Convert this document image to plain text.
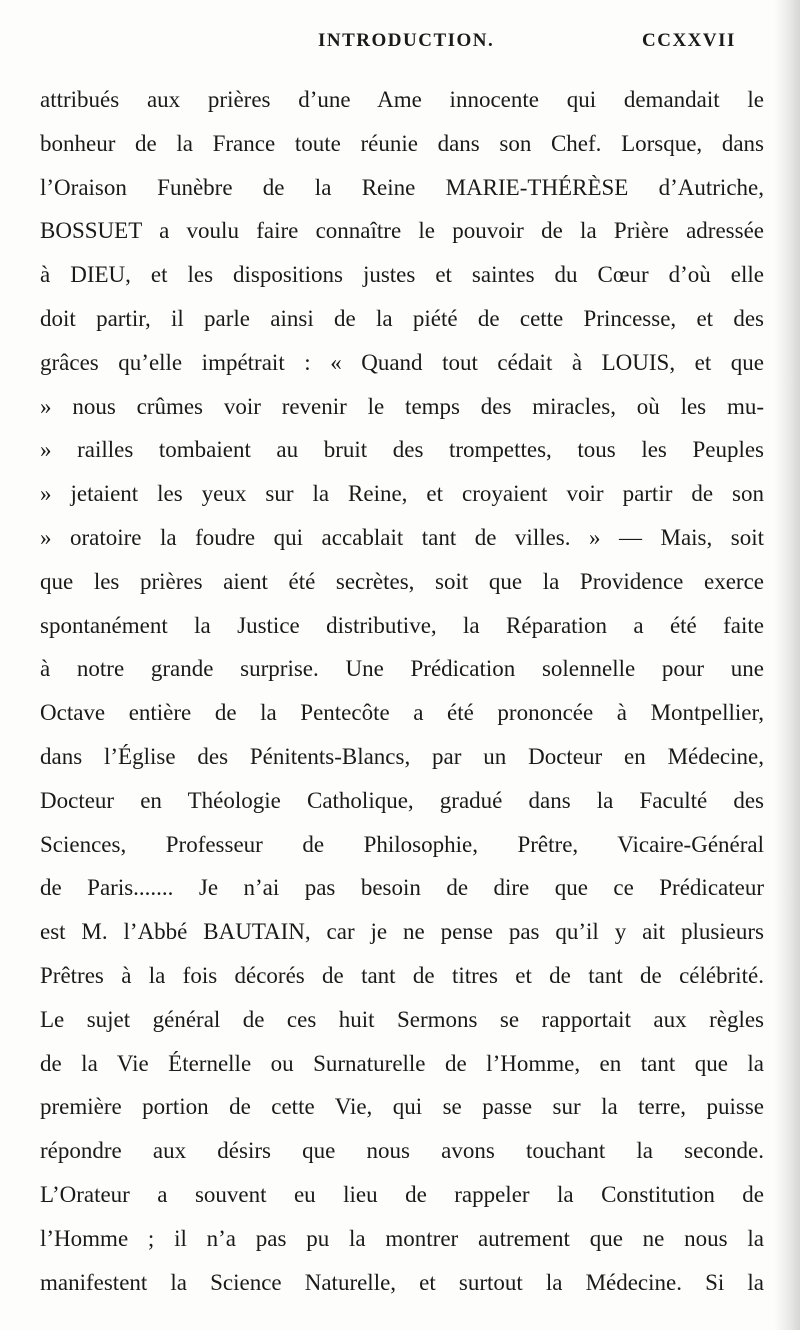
INTRODUCTION.	CCXXVII
attribués aux prières d’une Ame innocente qui demandait le
bonheur de la France toute réunie dans son Chef. Lorsque, dans
l’Oraison Funèbre de la Reine MARIE-THÉRÈSE d’Autriche,
BOSSUET a voulu faire connaître le pouvoir de la Prière adressée
à DIEU, et les dispositions justes et saintes du Cœur d’où elle
doit partir, il parle ainsi de la piété de cette Princesse, et des
grâces qu’elle impétrait : « Quand tout cédait à LOUIS, et que
» nous crûmes voir revenir le temps des miracles, où les mu-
» railles tombaient au bruit des trompettes, tous les Peuples
» jetaient les yeux sur la Reine, et croyaient voir partir de son
» oratoire la foudre qui accablait tant de villes. » — Mais, soit
que les prières aient été secrètes, soit que la Providence exerce
spontanément la Justice distributive, la Réparation a été faite
à notre grande surprise. Une Prédication solennelle pour une
Octave entière de la Pentecôte a été prononcée à Montpellier,
dans l’Église des Pénitents-Blancs, par un Docteur en Médecine,
Docteur en Théologie Catholique, gradué dans la Faculté des
Sciences, Professeur de Philosophie, Prêtre, Vicaire-Général
de Paris....... Je n’ai pas besoin de dire que ce Prédicateur
est M. l’Abbé BAUTAIN, car je ne pense pas qu’il y ait plusieurs
Prêtres à la fois décorés de tant de titres et de tant de célébrité.
Le sujet général de ces huit Sermons se rapportait aux règles
de la Vie Éternelle ou Surnaturelle de l’Homme, en tant que la
première portion de cette Vie, qui se passe sur la terre, puisse
répondre aux désirs que nous avons touchant la seconde.
L’Orateur a souvent eu lieu de rappeler la Constitution de
l’Homme ; il n’a pas pu la montrer autrement que ne nous la
manifestent la Science Naturelle, et surtout la Médecine. Si la
